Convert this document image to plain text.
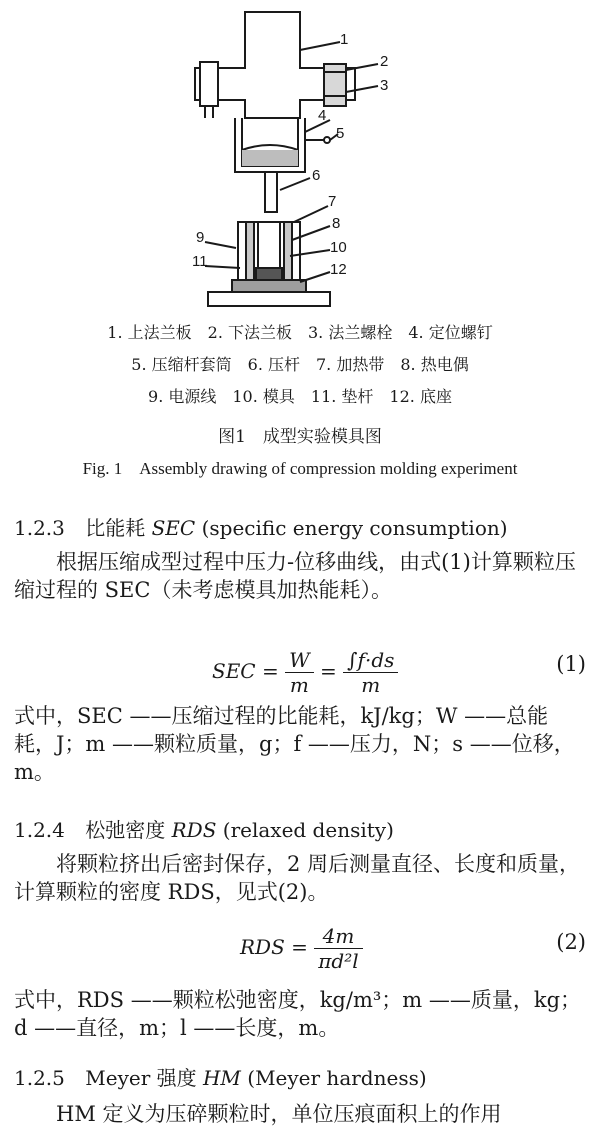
1
2
3
4
5
6
7
8
9
10
11	12
1. 上法兰板　2. 下法兰板　3. 法兰螺栓　4. 定位螺钉
5. 压缩杆套筒　6. 压杆　7. 加热带　8. 热电偶
9. 电源线　10. 模具　11. 垫杆　12. 底座
图1　成型实验模具图
Fig. 1　Assembly drawing of compression molding experiment
1.2.3 比能耗 SEC (specific energy consumption)
根据压缩成型过程中压力-位移曲线，由式(1)计算颗粒压缩过程的 SEC（未考虑模具加热能耗）。
SEC = $\frac{W}{m} = \frac{\int f\cdot ds}{m}$	(1)
式中，SEC ——压缩过程的比能耗，kJ/kg；W ——总能耗，J；m ——颗粒质量，g；f ——压力，N；s ——位移，m。
1.2.4 松弛密度 RDS (relaxed density)
将颗粒挤出后密封保存，2 周后测量直径、长度和质量，计算颗粒的密度 RDS，见式(2)。
RDS = $\frac{4m}{\text{πd²l}}$	(2)
式中，RDS ——颗粒松弛密度，kg/m³；m ——质量，kg；d ——直径，m；l ——长度，m。
1.2.5 Meyer 强度 HM (Meyer hardness)
HM 定义为压碎颗粒时，单位压痕面积上的作用
